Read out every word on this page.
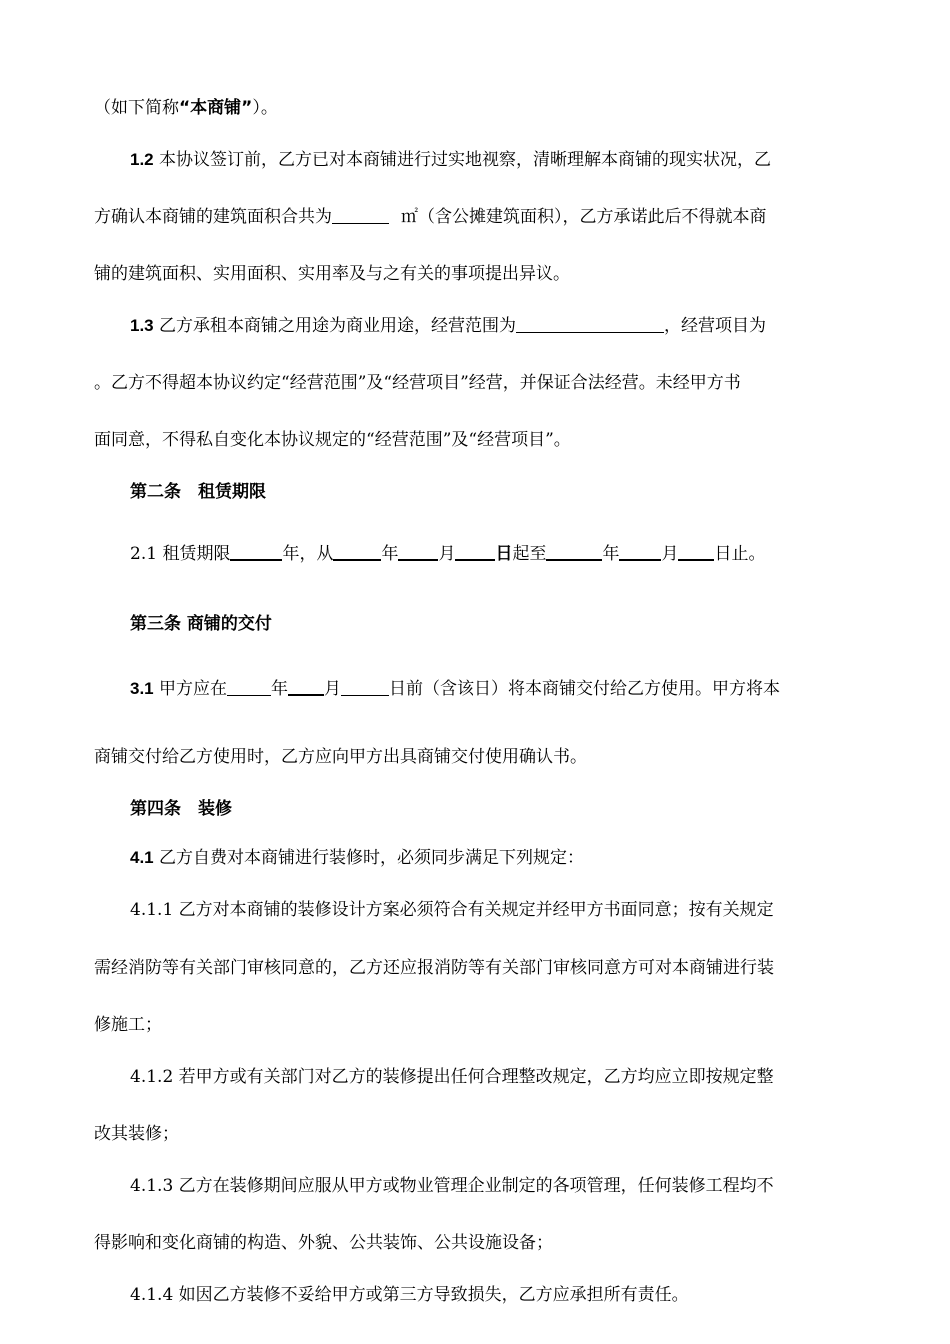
（如下简称“本商铺”）。
1.2 本协议签订前，乙方已对本商铺进行过实地视察，清晰理解本商铺的现实状况，乙
方确认本商铺的建筑面积合共为	㎡（含公摊建筑面积），乙方承诺此后不得就本商
铺的建筑面积、实用面积、实用率及与之有关的事项提出异议。
1.3 乙方承租本商铺之用途为商业用途，经营范围为	，经营项目为
。乙方不得超本协议约定“经营范围”及“经营项目”经营，并保证合法经营。未经甲方书
面同意，不得私自变化本协议规定的“经营范围”及“经营项目”。
第二条　租赁期限
2.1 租赁期限	年，从	年 月 日起至	年 月 日止。
第三条 商铺的交付
3.1 甲方应在	年 月	日前（含该日）将本商铺交付给乙方使用。甲方将本
商铺交付给乙方使用时，乙方应向甲方出具商铺交付使用确认书。
第四条　装修
4.1 乙方自费对本商铺进行装修时，必须同步满足下列规定：
4.1.1 乙方对本商铺的装修设计方案必须符合有关规定并经甲方书面同意；按有关规定
需经消防等有关部门审核同意的，乙方还应报消防等有关部门审核同意方可对本商铺进行装
修施工；
4.1.2 若甲方或有关部门对乙方的装修提出任何合理整改规定，乙方均应立即按规定整
改其装修；
4.1.3 乙方在装修期间应服从甲方或物业管理企业制定的各项管理，任何装修工程均不
得影响和变化商铺的构造、外貌、公共装饰、公共设施设备；
4.1.4 如因乙方装修不妥给甲方或第三方导致损失，乙方应承担所有责任。
